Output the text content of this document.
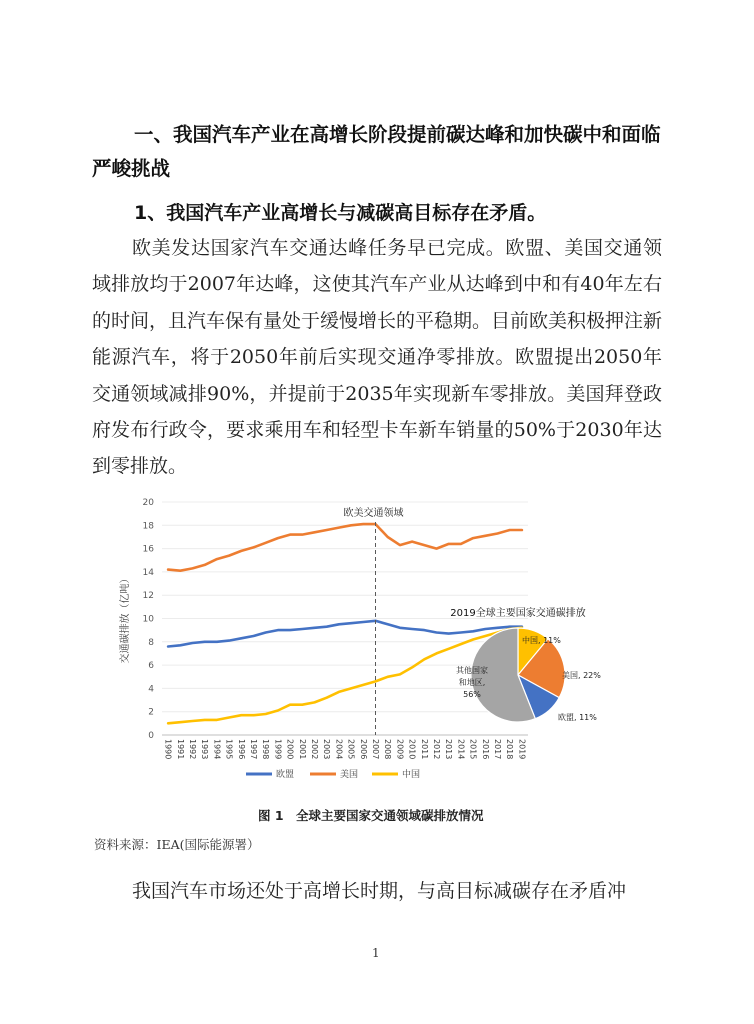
一、我国汽车产业在高增长阶段提前碳达峰和加快碳中和面临严峻挑战
1、我国汽车产业高增长与减碳高目标存在矛盾。
欧美发达国家汽车交通达峰任务早已完成。欧盟、美国交通领域排放均于2007年达峰，这使其汽车产业从达峰到中和有40年左右的时间，且汽车保有量处于缓慢增长的平稳期。目前欧美积极押注新能源汽车，将于2050年前后实现交通净零排放。欧盟提出2050年交通领域减排90%，并提前于2035年实现新车零排放。美国拜登政府发布行政令，要求乘用车和轻型卡车新车销量的50%于2030年达到零排放。
0
2
4
6
8
10
12
14
16
18
20
1990 1991 1992 1993 1994 1995 1996 1997 1998 1999 2000 2001 2002 2003 2004 2005 2006 2007 2008 2009 2010 2011 2012 2013 2014 2015 2016 2017 2018 2019
欧美交通领域
交通碳排放（亿吨）
欧盟	美国	中国
2019全球主要国家交通碳排放
中国, 11%
美国, 22%
欧盟, 11%
其他国家
和地区,
56%
图 1　全球主要国家交通领域碳排放情况
资料来源：IEA(国际能源署）
我国汽车市场还处于高增长时期，与高目标减碳存在矛盾冲
1
